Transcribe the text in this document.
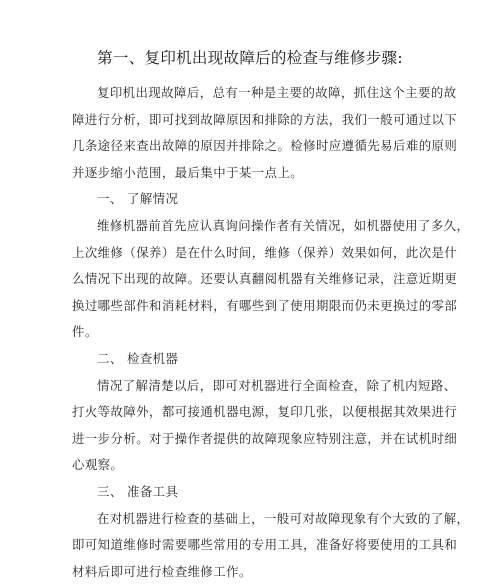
第一、复印机出现故障后的检查与维修步骤:
复印机出现故障后，总有一种是主要的故障，抓住这个主要的故
障进行分析，即可找到故障原因和排除的方法，我们一般可通过以下
几条途径来查出故障的原因并排除之。检修时应遵循先易后难的原则
并逐步缩小范围，最后集中于某一点上。
一、 了解情况
维修机器前首先应认真询问操作者有关情况，如机器使用了多久，
上次维修（保养）是在什么时间，维修（保养）效果如何，此次是什
么情况下出现的故障。还要认真翻阅机器有关维修记录，注意近期更
换过哪些部件和消耗材料，有哪些到了使用期限而仍未更换过的零部
件。
二、 检查机器
情况了解清楚以后，即可对机器进行全面检查，除了机内短路、
打火等故障外，都可接通机器电源，复印几张，以便根据其效果进行
进一步分析。对于操作者提供的故障现象应特别注意，并在试机时细
心观察。
三、 准备工具
在对机器进行检查的基础上，一般可对故障现象有个大致的了解，
即可知道维修时需要哪些常用的专用工具，准备好将要使用的工具和
材料后即可进行检查维修工作。
